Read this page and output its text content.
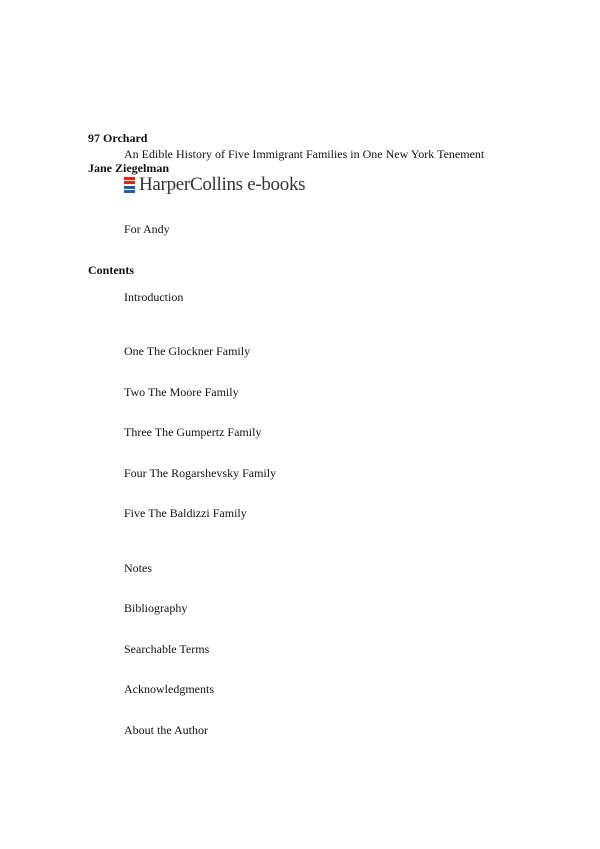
97 Orchard
An Edible History of Five Immigrant Families in One New York Tenement
Jane Ziegelman
HarperCollins e-books
For Andy
Contents
Introduction
One The Glockner Family
Two The Moore Family
Three The Gumpertz Family
Four The Rogarshevsky Family
Five The Baldizzi Family
Notes
Bibliography
Searchable Terms
Acknowledgments
About the Author
